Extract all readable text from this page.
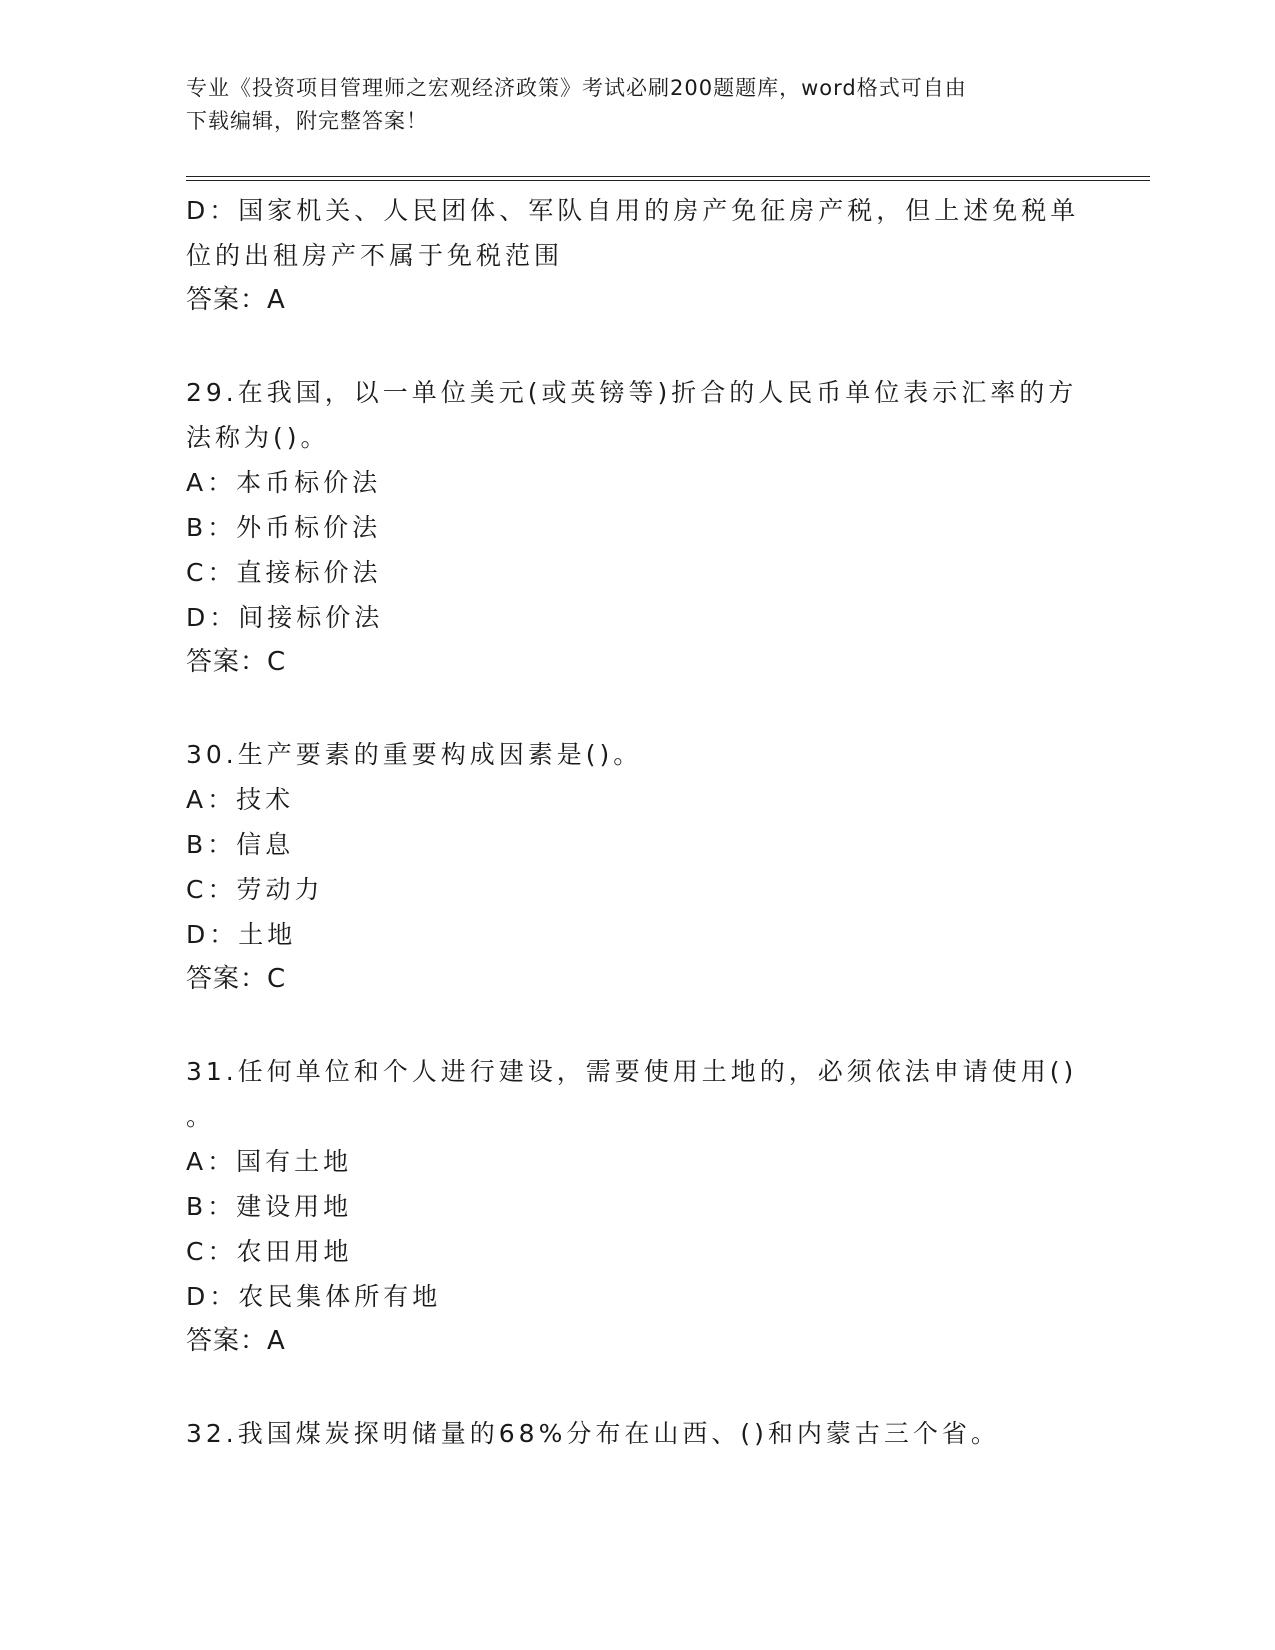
专业《投资项目管理师之宏观经济政策》考试必刷200题题库，word格式可自由
下载编辑，附完整答案！
D：国家机关、人民团体、军队自用的房产免征房产税，但上述免税单
位的出租房产不属于免税范围
答案：A
29.在我国，以一单位美元(或英镑等)折合的人民币单位表示汇率的方
法称为()。
A：本币标价法
B：外币标价法
C：直接标价法
D：间接标价法
答案：C
30.生产要素的重要构成因素是()。
A：技术
B：信息
C：劳动力
D：土地
答案：C
31.任何单位和个人进行建设，需要使用土地的，必须依法申请使用()
。
A：国有土地
B：建设用地
C：农田用地
D：农民集体所有地
答案：A
32.我国煤炭探明储量的68%分布在山西、()和内蒙古三个省。
